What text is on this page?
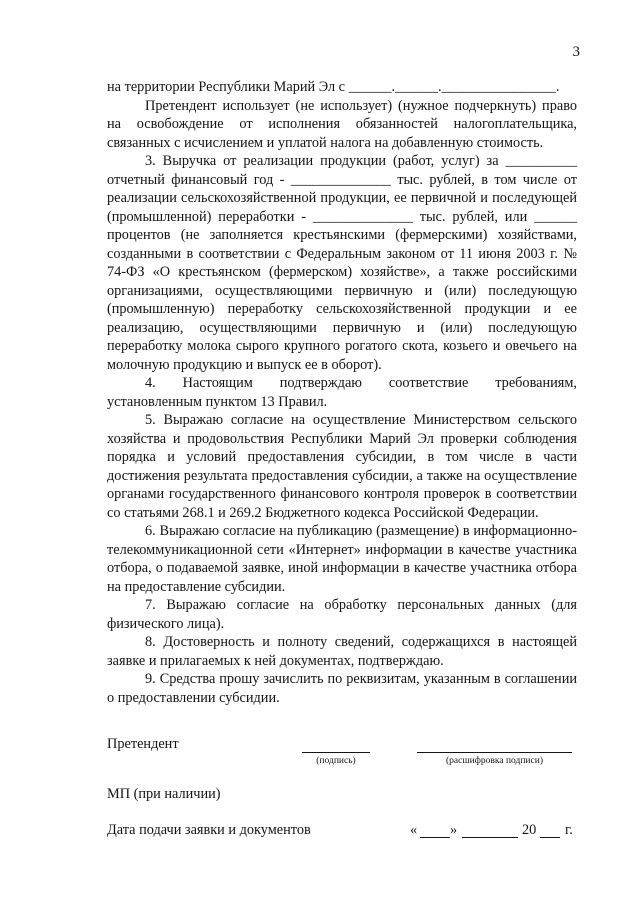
3

на территории Республики Марий Эл с ______.______.________________.

Претендент использует (не использует) (нужное подчеркнуть) право на освобождение от исполнения обязанностей налогоплательщика, связанных с исчислением и уплатой налога на добавленную стоимость.

3. Выручка от реализации продукции (работ, услуг) за __________ отчетный финансовый год - ______________ тыс. рублей, в том числе от реализации сельскохозяйственной продукции, ее первичной и последующей (промышленной) переработки - ______________ тыс. рублей, или ______ процентов (не заполняется крестьянскими (фермерскими) хозяйствами, созданными в соответствии с Федеральным законом от 11 июня 2003 г. № 74-ФЗ «О крестьянском (фермерском) хозяйстве», а также российскими организациями, осуществляющими первичную и (или) последующую (промышленную) переработку сельскохозяйственной продукции и ее реализацию, осуществляющими первичную и (или) последующую переработку молока сырого крупного рогатого скота, козьего и овечьего на молочную продукцию и выпуск ее в оборот).

4. Настоящим подтверждаю соответствие требованиям, установленным пунктом 13 Правил.

5. Выражаю согласие на осуществление Министерством сельского хозяйства и продовольствия Республики Марий Эл проверки соблюдения порядка и условий предоставления субсидии, в том числе в части достижения результата предоставления субсидии, а также на осуществление органами государственного финансового контроля проверок в соответствии со статьями 268.1 и 269.2 Бюджетного кодекса Российской Федерации.

6. Выражаю согласие на публикацию (размещение) в информационно-телекоммуникационной сети «Интернет» информации в качестве участника отбора, о подаваемой заявке, иной информации в качестве участника отбора на предоставление субсидии.

7. Выражаю согласие на обработку персональных данных (для физического лица).

8. Достоверность и полноту сведений, содержащихся в настоящей заявке и прилагаемых к ней документах, подтверждаю.

9. Средства прошу зачислить по реквизитам, указанным в соглашении о предоставлении субсидии.

Претендент
(подпись)	(расшифровка подписи)
МП (при наличии)
Дата подачи заявки и документов	« »	20 г.
